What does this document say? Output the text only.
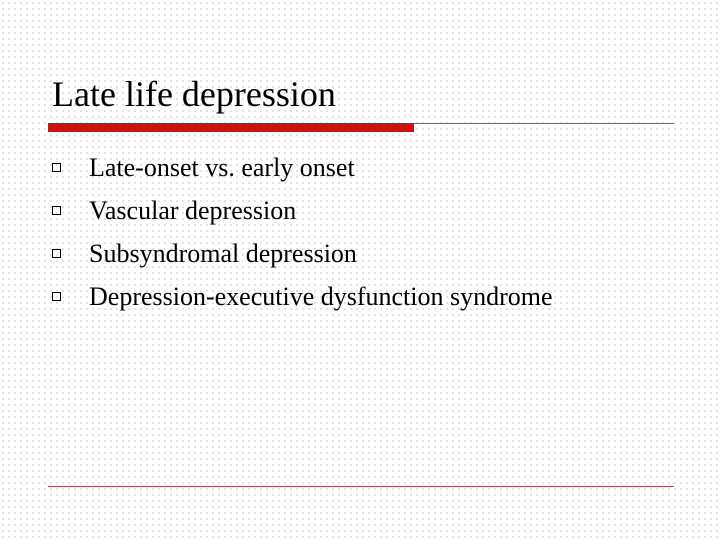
Late life depression
Late-onset vs. early onset
Vascular depression
Subsyndromal depression
Depression-executive dysfunction syndrome
